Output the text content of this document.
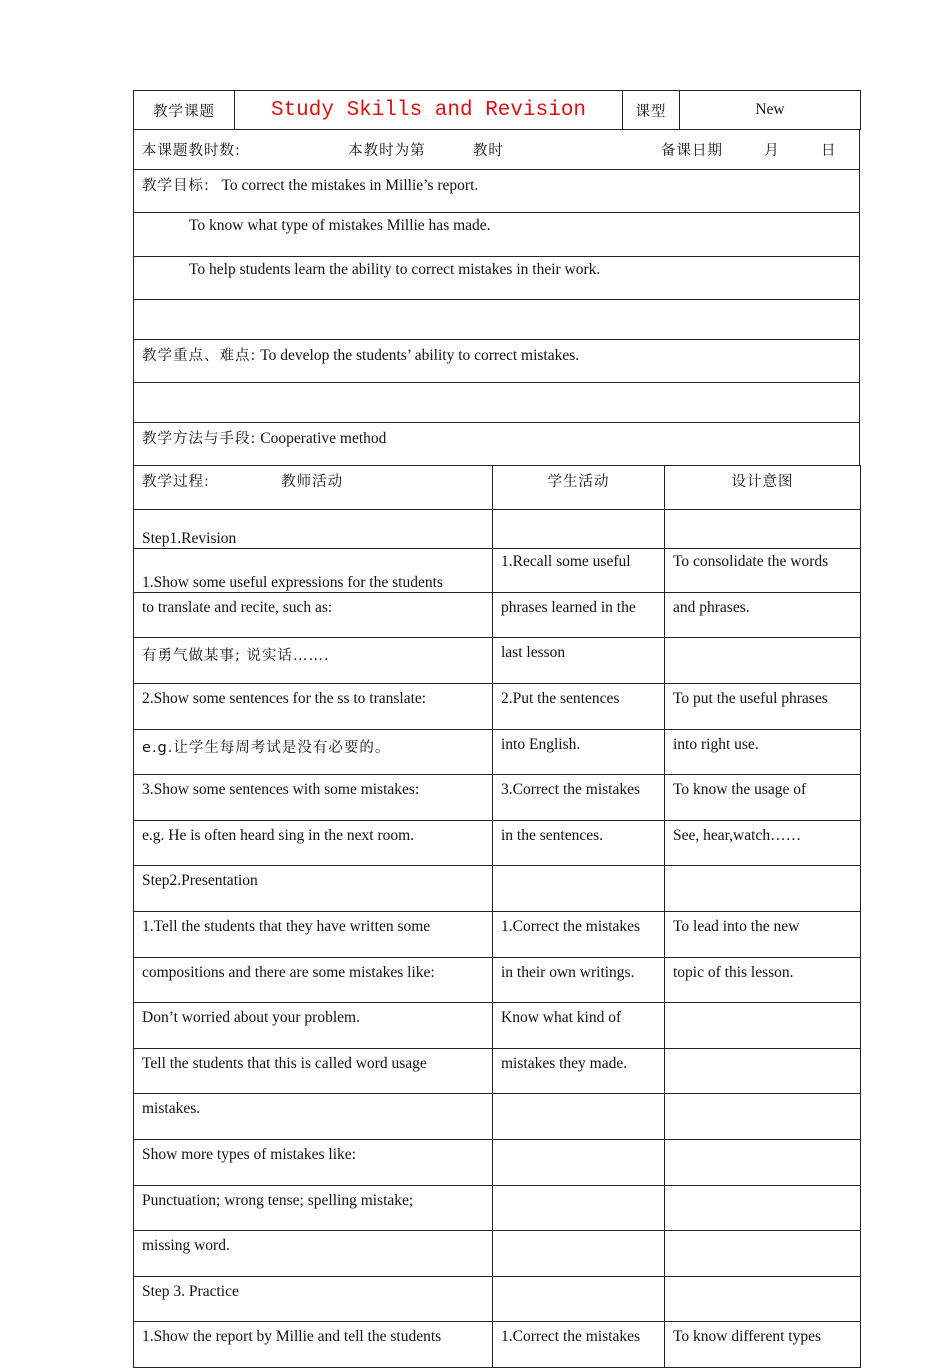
教学课题	Study Skills and Revision	课型	New
本课题教时数:	本教时为第	教时	备课日期	月	日
教学目标: To correct the mistakes in Millie’s report.
To know what type of mistakes Millie has made.
To help students learn the ability to correct mistakes in their work.

教学重点、难点: To develop the students’ ability to correct mistakes.

教学方法与手段: Cooperative method
教学过程: 教师活动	学生活动	设计意图
Step1.Revision		
1.Show some useful expressions for the students	1.Recall some useful	To consolidate the words
to translate and recite, such as:	phrases learned in the	and phrases.
有勇气做某事; 说实话…….	last lesson	
2.Show some sentences for the ss to translate:	2.Put the sentences	To put the useful phrases
e.g.让学生每周考试是没有必要的。	into English.	into right use.
3.Show some sentences with some mistakes:	3.Correct the mistakes	To know the usage of
e.g. He is often heard sing in the next room.	in the sentences.	See, hear,watch……
Step2.Presentation		
1.Tell the students that they have written some	1.Correct the mistakes	To lead into the new
compositions and there are some mistakes like:	in their own writings.	topic of this lesson.
Don’t worried about your problem.	Know what kind of	
Tell the students that this is called word usage	mistakes they made.	
mistakes.		
Show more types of mistakes like:		
Punctuation; wrong tense; spelling mistake;		
missing word.		
Step 3. Practice		
1.Show the report by Millie and tell the students	1.Correct the mistakes	To know different types
